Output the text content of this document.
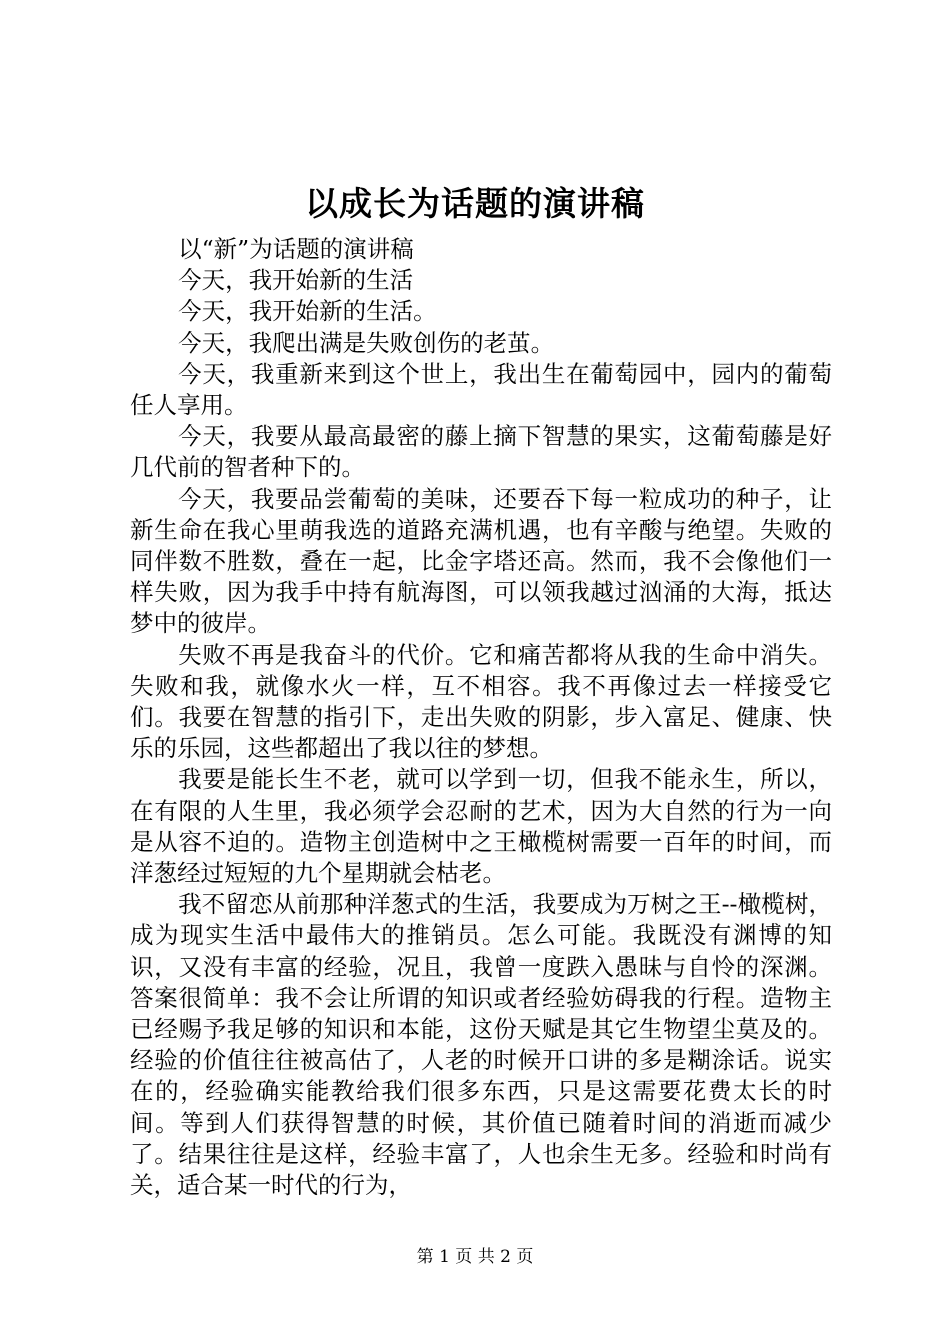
以成长为话题的演讲稿

以“新”为话题的演讲稿

今天，我开始新的生活

今天，我开始新的生活。

今天，我爬出满是失败创伤的老茧。

今天，我重新来到这个世上，我出生在葡萄园中，园内的葡萄任人享用。

今天，我要从最高最密的藤上摘下智慧的果实，这葡萄藤是好几代前的智者种下的。

今天，我要品尝葡萄的美味，还要吞下每一粒成功的种子，让新生命在我心里萌我选的道路充满机遇，也有辛酸与绝望。失败的同伴数不胜数，叠在一起，比金字塔还高。然而，我不会像他们一样失败，因为我手中持有航海图，可以领我越过汹涌的大海，抵达梦中的彼岸。

失败不再是我奋斗的代价。它和痛苦都将从我的生命中消失。失败和我，就像水火一样，互不相容。我不再像过去一样接受它们。我要在智慧的指引下，走出失败的阴影，步入富足、健康、快乐的乐园，这些都超出了我以往的梦想。

我要是能长生不老，就可以学到一切，但我不能永生，所以，在有限的人生里，我必须学会忍耐的艺术，因为大自然的行为一向是从容不迫的。造物主创造树中之王橄榄树需要一百年的时间，而洋葱经过短短的九个星期就会枯老。

我不留恋从前那种洋葱式的生活，我要成为万树之王--橄榄树，成为现实生活中最伟大的推销员。怎么可能。我既没有渊博的知识，又没有丰富的经验，况且，我曾一度跌入愚昧与自怜的深渊。答案很简单：我不会让所谓的知识或者经验妨碍我的行程。造物主已经赐予我足够的知识和本能，这份天赋是其它生物望尘莫及的。经验的价值往往被高估了，人老的时候开口讲的多是糊涂话。说实在的，经验确实能教给我们很多东西，只是这需要花费太长的时间。等到人们获得智慧的时候，其价值已随着时间的消逝而减少了。结果往往是这样，经验丰富了，人也余生无多。经验和时尚有关，适合某一时代的行为，

第 1 页 共 2 页
